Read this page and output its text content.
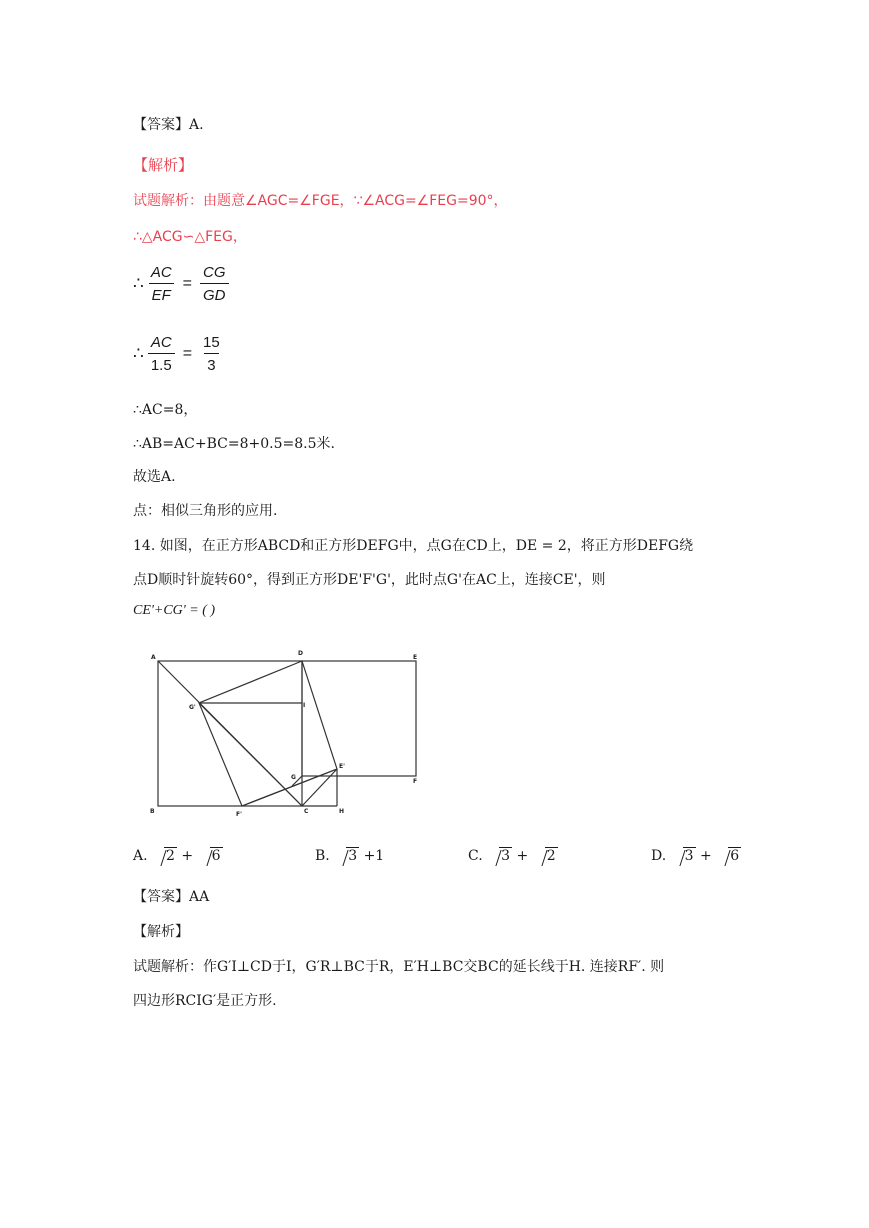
【答案】A.
【解析】
试题解析：由题意∠AGC=∠FGE，∵∠ACG=∠FEG=90°，
∴△ACG∽△FEG，
∴ $\frac{AC}{EF} = \frac{CG}{GD}$
∴ $\frac{AC}{1.5} = \frac{15}{3}$
∴AC=8，
∴AB=AC+BC=8+0.5=8.5米.
故选A.
点：相似三角形的应用.
14. 如图，在正方形ABCD和正方形DEFG中，点G在CD上，DE = 2，将正方形DEFG绕
点D顺时针旋转60°，得到正方形DE'F'G'，此时点G'在AC上，连接CE'，则
CE'+CG' = ( )
A
D
E
B	C	H
G
F
G'
E'
F'
I
A. 2 + 6	B. 3 +1	C. 3 + 2	D. 3 + 6
【答案】AA
【解析】
试题解析：作G′I⊥CD于I，G′R⊥BC于R，E′H⊥BC交BC的延长线于H. 连接RF′. 则
四边形RCIG′是正方形.
